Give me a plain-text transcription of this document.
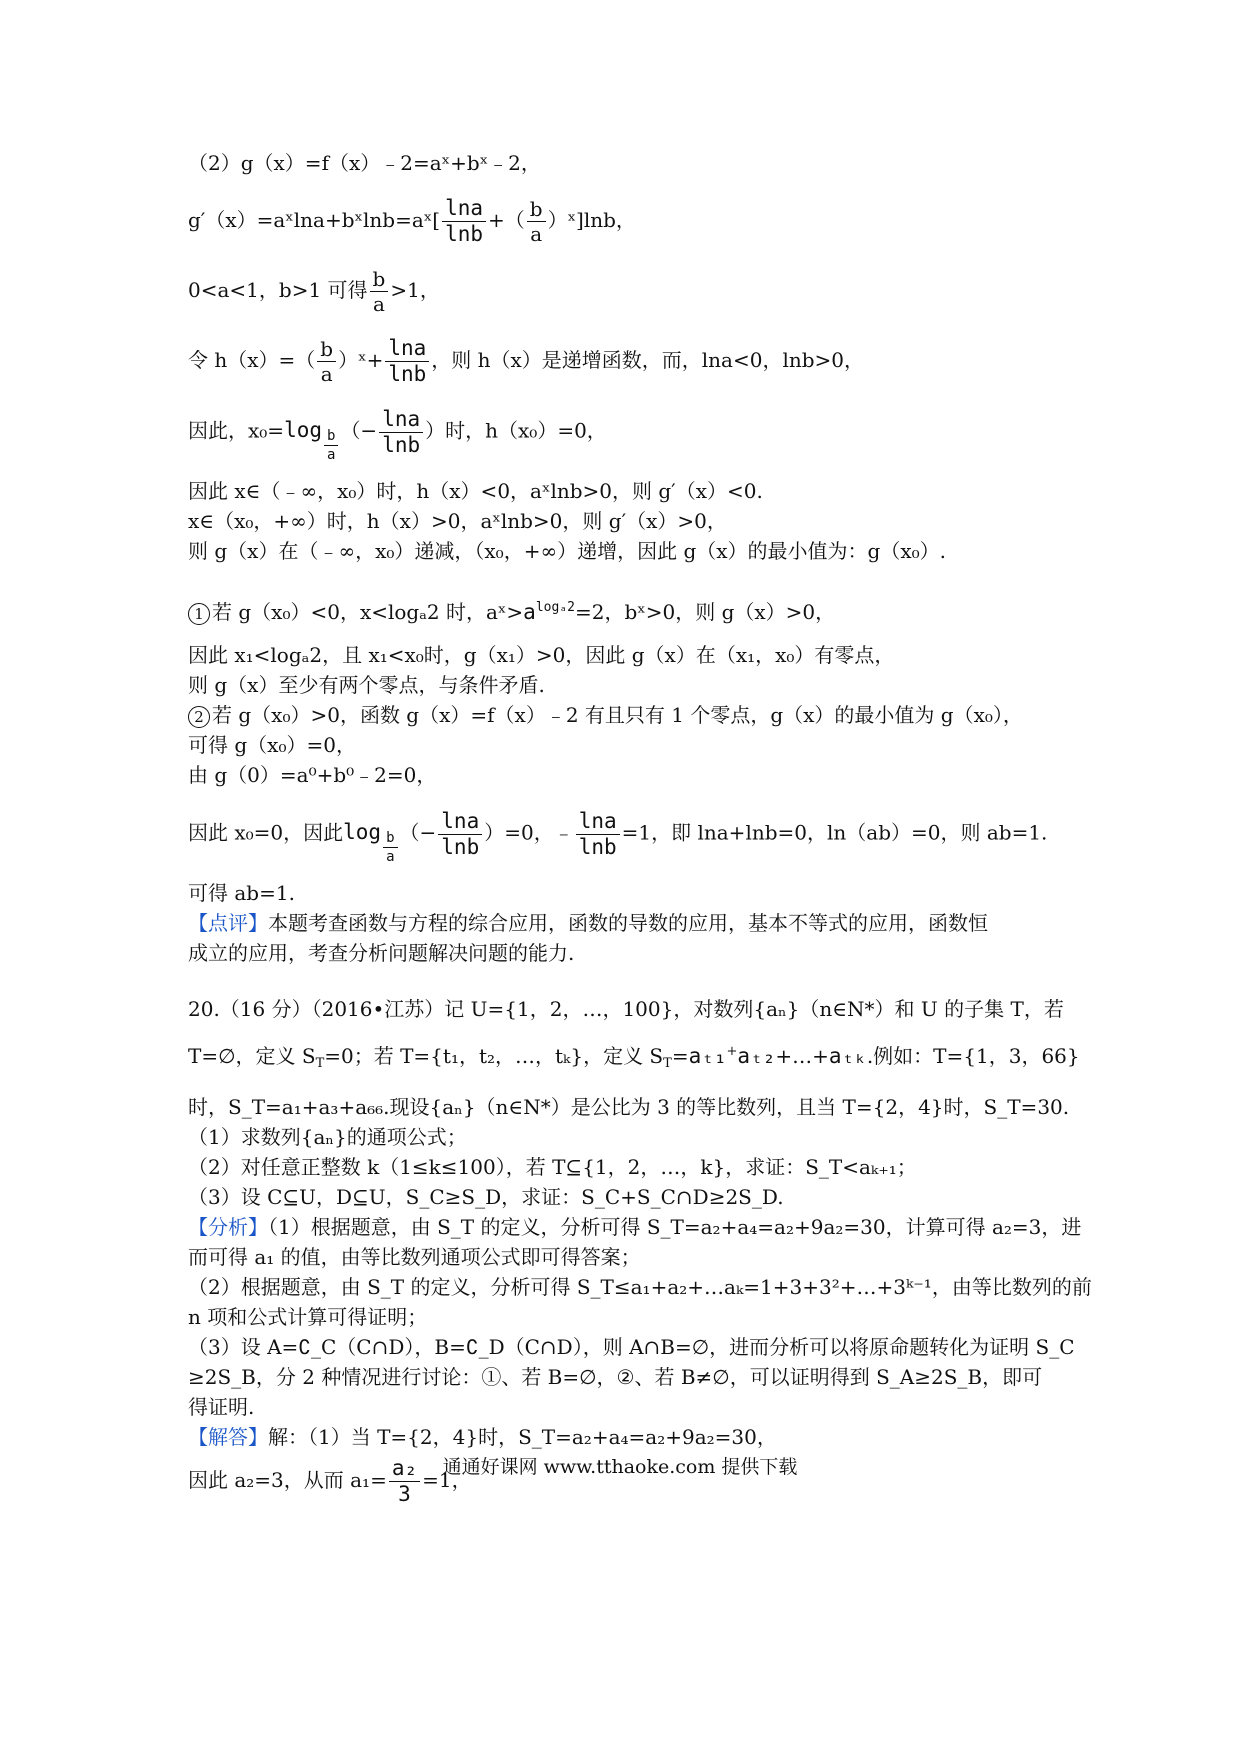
（2）g（x）=f（x）﹣2=aˣ+bˣ﹣2，
g′（x）=aˣlna+bˣlnb=aˣ[ $\frac{\ln a}{\ln b}$ +（ $\frac{b}{a}$ ）ˣ]lnb，
0<a<1，b>1 可得 $\frac{b}{a} >1$，
令 $h(x)=( \frac{b}{a}$ ）ˣ+ $\frac{\ln a}{\ln b}$ ，则 h（x）是递增函数，而，lna<0，lnb>0，
因此，$x_0=\log \frac{b}{a}$ （− $\frac{\ln a}{\ln b}$ ）时，h（x₀）=0，
因此 x∈（﹣∞，x₀）时，h（x）<0，aˣlnb>0，则 g′（x）<0.
x∈（x₀，+∞）时，h（x）>0，aˣlnb>0，则 g′（x）>0，
则 g（x）在（﹣∞，x₀）递减，（x₀，+∞）递增，因此 g（x）的最小值为：g（x₀）.
1 若 g（x₀）<0，x<logₐ2 时，$aˣ>a^{log_a2}=2$，bˣ>0，则 g（x）>0，
因此 x₁<logₐ2，且 x₁<x₀时，g（x₁）>0，因此 g（x）在（x₁，x₀）有零点，
则 g（x）至少有两个零点，与条件矛盾.
2 若 g（x₀）>0，函数 g（x）=f（x）﹣2 有且只有 1 个零点，g（x）的最小值为 g（x₀），
可得 g（x₀）=0，
由 g（0）=a⁰+b⁰﹣2=0，
因此 x₀=0，因此$\log \frac{b}{a}$ （− $\frac{\ln a}{\ln b} )=0$，﹣ $\frac{\ln a}{\ln b} =1$，即 lna+lnb=0，ln（ab）=0，则 ab=1.
可得 ab=1.
【点评】本题考查函数与方程的综合应用，函数的导数的应用，基本不等式的应用，函数恒
成立的应用，考查分析问题解决问题的能力.
20.（16 分）（2016•江苏）记 U={1，2，…，100}，对数列{aₙ}（n∈N*）和 U 的子集 T，若
T=∅，定义 $S_T=0$；若 T={t₁，t₂，…，tₖ}，定义 $S_T=a_{t1}^+a_{t2}+\dots+a_{tk}$.例如：T={1，3，66}
时，S_T=a₁+a₃+a₆₆.现设{aₙ}（n∈N*）是公比为 3 的等比数列，且当 T={2，4}时，S_T=30.
（1）求数列{aₙ}的通项公式；
（2）对任意正整数 k（1≤k≤100），若 T⊆{1，2，…，k}，求证：S_T<aₖ₊₁；
（3）设 C⊆U，D⊆U，S_C≥S_D，求证：S_C+S_C∩D≥2S_D.
【分析】（1）根据题意，由 S_T 的定义，分析可得 S_T=a₂+a₄=a₂+9a₂=30，计算可得 a₂=3，进
而可得 a₁ 的值，由等比数列通项公式即可得答案；
（2）根据题意，由 S_T 的定义，分析可得 S_T≤a₁+a₂+…aₖ=1+3+3²+…+3ᵏ⁻¹，由等比数列的前
n 项和公式计算可得证明；
（3）设 A=∁_C（C∩D），B=∁_D（C∩D），则 A∩B=∅，进而分析可以将原命题转化为证明 S_C
≥2S_B，分 2 种情况进行讨论：①、若 B=∅，②、若 B≠∅，可以证明得到 S_A≥2S_B，即可
得证明.
【解答】解：（1）当 T={2，4}时，S_T=a₂+a₄=a₂+9a₂=30，
因此 a₂=3，从而 $a_1= \frac{\text{a₂}}{3} =1$，
通通好课网 www.tthaoke.com 提供下载
